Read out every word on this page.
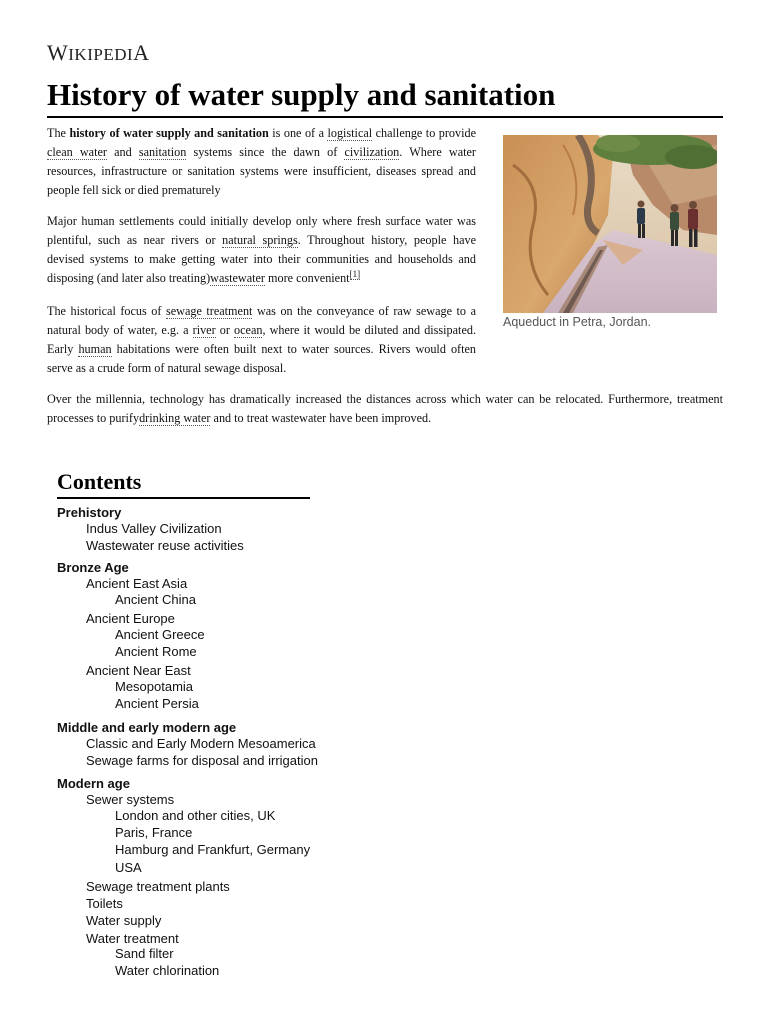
WIKIPEDIA
History of water supply and sanitation

The history of water supply and sanitation is one of a logistical challenge to provide clean water and sanitation systems since the dawn of civilization. Where water resources, infrastructure or sanitation systems were insufficient, diseases spread and people fell sick or died prematurely

Major human settlements could initially develop only where fresh surface water was plentiful, such as near rivers or natural springs. Throughout history, people have devised systems to make getting water into their communities and households and disposing (and later also treating)wastewater more convenient[1]

The historical focus of sewage treatment was on the conveyance of raw sewage to a natural body of water, e.g. a river or ocean, where it would be diluted and dissipated. Early human habitations were often built next to water sources. Rivers would often serve as a crude form of natural sewage disposal.

Over the millennia, technology has dramatically increased the distances across which water can be relocated. Furthermore, treatment processes to purifydrinking water and to treat wastewater have been improved.

Aqueduct in Petra, Jordan.
Contents
Prehistory
Indus Valley Civilization
Wastewater reuse activities
Bronze Age
Ancient East Asia
Ancient China
Ancient Europe
Ancient Greece
Ancient Rome
Ancient Near East
Mesopotamia
Ancient Persia
Middle and early modern age
Classic and Early Modern Mesoamerica
Sewage farms for disposal and irrigation
Modern age
Sewer systems
London and other cities, UK
Paris, France
Hamburg and Frankfurt, Germany
USA
Sewage treatment plants
Toilets
Water supply
Water treatment
Sand filter
Water chlorination
